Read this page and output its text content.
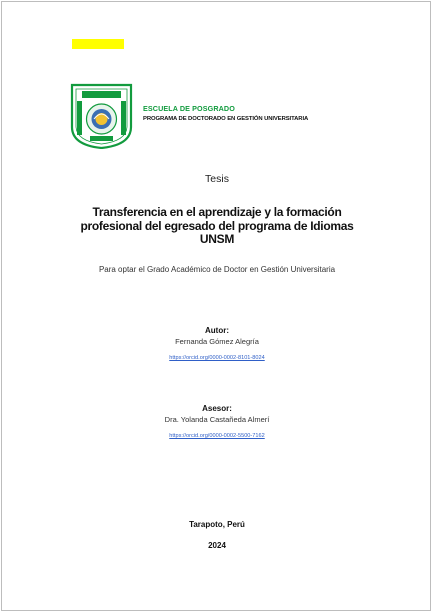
ESCUELA DE POSGRADO
PROGRAMA DE DOCTORADO EN GESTIÓN UNIVERSITARIA
Tesis
Transferencia en el aprendizaje y la formación profesional del egresado del programa de Idiomas UNSM
Para optar el Grado Académico de Doctor en Gestión Universitaria
Autor:
Fernanda Gómez Alegría
https://orcid.org/0000-0002-8101-8024
Asesor:
Dra. Yolanda Castañeda Almerí
https://orcid.org/0000-0002-5500-7162
Tarapoto, Perú
2024
